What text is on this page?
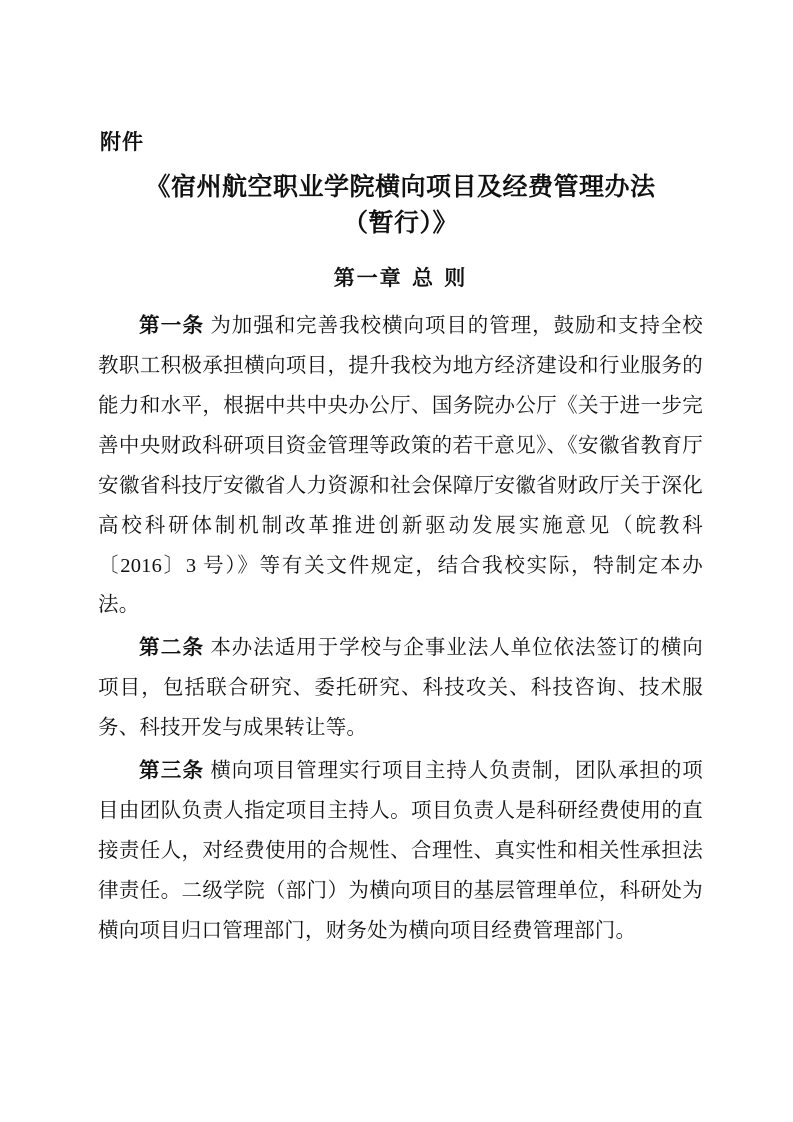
附件
《宿州航空职业学院横向项目及经费管理办法
（暂行）》
第一章 总 则

第一条 为加强和完善我校横向项目的管理，鼓励和支持全校教职工积极承担横向项目，提升我校为地方经济建设和行业服务的能力和水平，根据中共中央办公厅、国务院办公厅《关于进一步完善中央财政科研项目资金管理等政策的若干意见》、《安徽省教育厅安徽省科技厅安徽省人力资源和社会保障厅安徽省财政厅关于深化高校科研体制机制改革推进创新驱动发展实施意见（皖教科〔2016〕3 号）》等有关文件规定，结合我校实际，特制定本办法。

第二条 本办法适用于学校与企事业法人单位依法签订的横向项目，包括联合研究、委托研究、科技攻关、科技咨询、技术服务、科技开发与成果转让等。

第三条 横向项目管理实行项目主持人负责制，团队承担的项目由团队负责人指定项目主持人。项目负责人是科研经费使用的直接责任人，对经费使用的合规性、合理性、真实性和相关性承担法律责任。二级学院（部门）为横向项目的基层管理单位，科研处为横向项目归口管理部门，财务处为横向项目经费管理部门。
